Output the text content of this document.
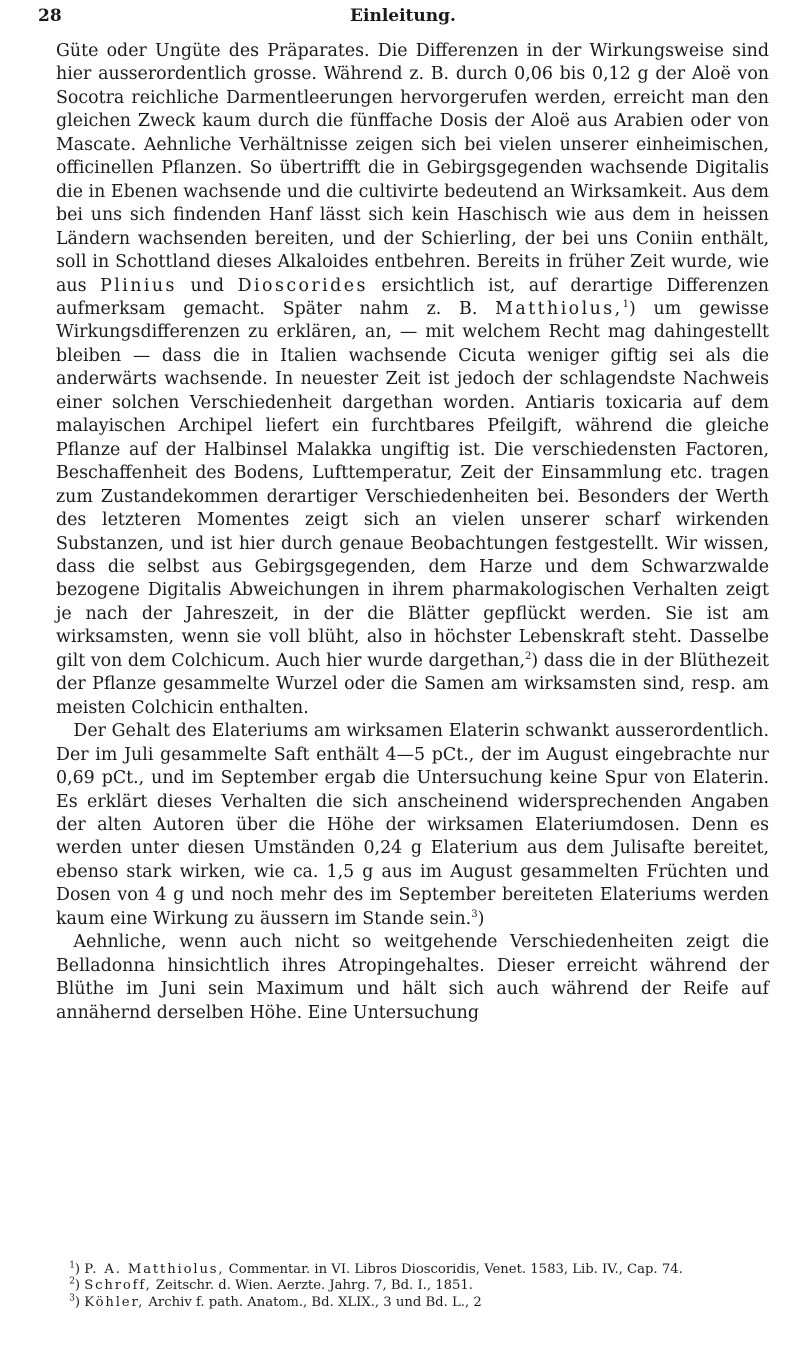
28	Einleitung.

Güte oder Ungüte des Präparates. Die Differenzen in der Wirkungsweise sind hier ausserordentlich grosse. Während z. B. durch 0,06 bis 0,12 g der Aloë von Socotra reichliche Darmentleerungen hervorgerufen werden, erreicht man den gleichen Zweck kaum durch die fünffache Dosis der Aloë aus Arabien oder von Mascate. Aehnliche Verhältnisse zeigen sich bei vielen unserer einheimischen, officinellen Pflanzen. So übertrifft die in Gebirgsgegenden wachsende Digitalis die in Ebenen wachsende und die cultivirte bedeutend an Wirksamkeit. Aus dem bei uns sich findenden Hanf lässt sich kein Haschisch wie aus dem in heissen Ländern wachsenden bereiten, und der Schierling, der bei uns Coniin enthält, soll in Schottland dieses Alkaloides entbehren. Bereits in früher Zeit wurde, wie aus Plinius und Dioscorides ersichtlich ist, auf derartige Differenzen aufmerksam gemacht. Später nahm z. B. Matthiolus,$^1$) um gewisse Wirkungsdifferenzen zu erklären, an, — mit welchem Recht mag dahingestellt bleiben — dass die in Italien wachsende Cicuta weniger giftig sei als die anderwärts wachsende. In neuester Zeit ist jedoch der schlagendste Nachweis einer solchen Verschiedenheit dargethan worden. Antiaris toxicaria auf dem malayischen Archipel liefert ein furchtbares Pfeilgift, während die gleiche Pflanze auf der Halbinsel Malakka ungiftig ist. Die verschiedensten Factoren, Beschaffenheit des Bodens, Lufttemperatur, Zeit der Einsammlung etc. tragen zum Zustandekommen derartiger Verschiedenheiten bei. Besonders der Werth des letzteren Momentes zeigt sich an vielen unserer scharf wirkenden Substanzen, und ist hier durch genaue Beobachtungen festgestellt. Wir wissen, dass die selbst aus Gebirgsgegenden, dem Harze und dem Schwarzwalde bezogene Digitalis Abweichungen in ihrem pharmakologischen Verhalten zeigt je nach der Jahreszeit, in der die Blätter gepflückt werden. Sie ist am wirksamsten, wenn sie voll blüht, also in höchster Lebenskraft steht. Dasselbe gilt von dem Colchicum. Auch hier wurde dargethan,$^2$) dass die in der Blüthezeit der Pflanze gesammelte Wurzel oder die Samen am wirksamsten sind, resp. am meisten Colchicin enthalten.

 Der Gehalt des Elateriums am wirksamen Elaterin schwankt ausserordentlich. Der im Juli gesammelte Saft enthält 4—5 pCt., der im August eingebrachte nur 0,69 pCt., und im September ergab die Untersuchung keine Spur von Elaterin. Es erklärt dieses Verhalten die sich anscheinend widersprechenden Angaben der alten Autoren über die Höhe der wirksamen Elateriumdosen. Denn es werden unter diesen Umständen 0,24 g Elaterium aus dem Julisafte bereitet, ebenso stark wirken, wie ca. 1,5 g aus im August gesammelten Früchten und Dosen von 4 g und noch mehr des im September bereiteten Elateriums werden kaum eine Wirkung zu äussern im Stande sein.$^3$)

 Aehnliche, wenn auch nicht so weitgehende Verschiedenheiten zeigt die Belladonna hinsichtlich ihres Atropingehaltes. Dieser erreicht während der Blüthe im Juni sein Maximum und hält sich auch während der Reife auf annähernd derselben Höhe. Eine Untersuchung

 $^1$) P. A. Matthiolus, Commentar. in VI. Libros Dioscoridis, Venet. 1583, Lib. IV., Cap. 74.

 $^2$) Schroff, Zeitschr. d. Wien. Aerzte. Jahrg. 7, Bd. I., 1851.

 $^3$) Köhler, Archiv f. path. Anatom., Bd. XLIX., 3 und Bd. L., 2
